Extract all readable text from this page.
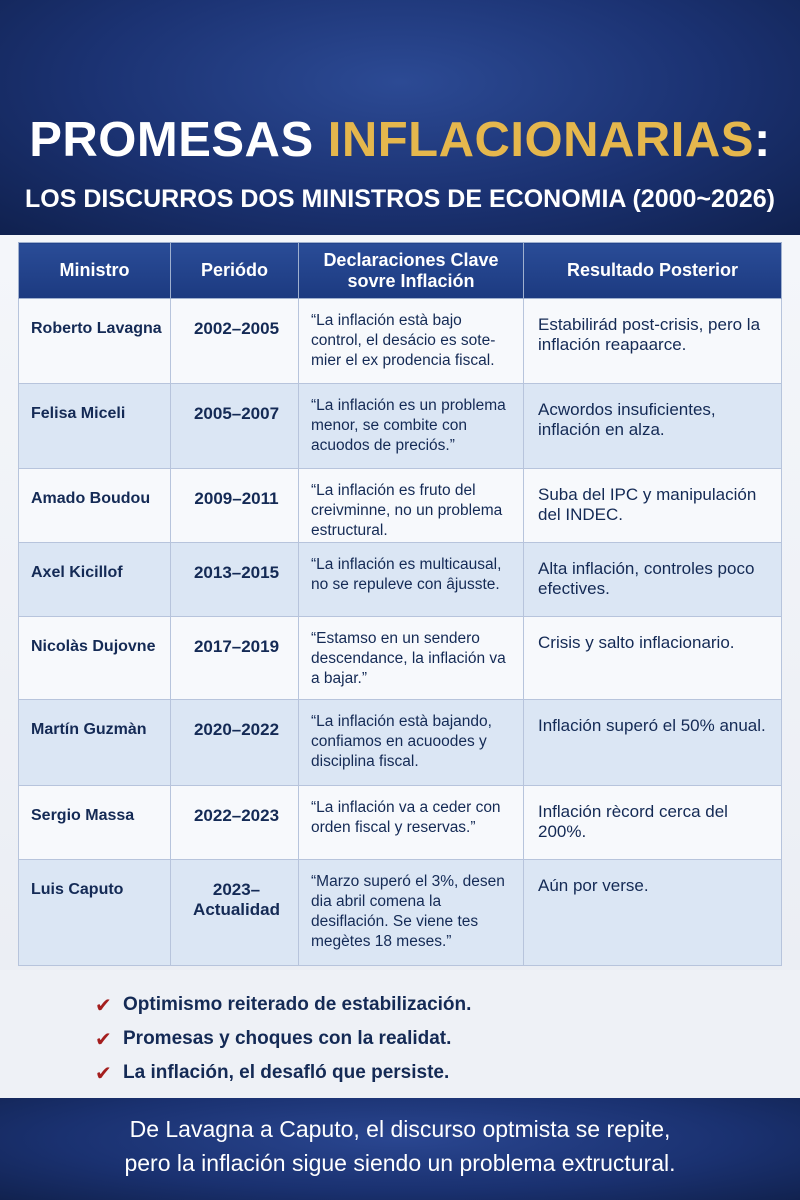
PROMESAS INFLACIONARIAS:
LOS DISCURROS DOS MINISTROS DE ECONOMIA (2000~2026)
Ministro	Periódo	Declaraciones Clave sovre Inflación	Resultado Posterior
Roberto Lavagna	2002–2005	“La inflación està bajo control, el desácio es sote-mier el ex prodencia fiscal.	Estabilirád post-crisis, pero la inflación reapaarce.
Felisa Miceli	2005–2007	“La inflación es un problema menor, se combite con acuodos de preciós.”	Acwordos insuficientes, inflación en alza.
Amado Boudou	2009–2011	“La inflación es fruto del creivminne, no un problema estructural.	Suba del IPC y manipulación del INDEC.
Axel Kicillof	2013–2015	“La inflación es multicausal, no se repuleve con ȃjusste.	Alta inflación, controles poco efectives.
Nicolàs Dujovne	2017–2019	“Estamso en un sendero descendance, la inflación va a bajar.”	Crisis y salto inflacionario.
Martín Guzmàn	2020–2022	“La inflación està bajando, confiamos en acuoodes y disciplina fiscal.	Inflación superó el 50% anual.
Sergio Massa	2022–2023	“La inflación va a ceder con orden fiscal y reservas.”	Inflación rècord cerca del 200%.
Luis Caputo	2023– Actualidad	“Marzo superó el 3%, desen dia abril comena la desiflación. Se viene tes megètes 18 meses.”	Aún por verse.
✔ Optimismo reiterado de estabilización.
✔ Promesas y choques con la realidat.
✔ La inflación, el desafló que persiste.
De Lavagna a Caputo, el discurso optmista se repite,
pero la inflación sigue siendo un problema extructural.
